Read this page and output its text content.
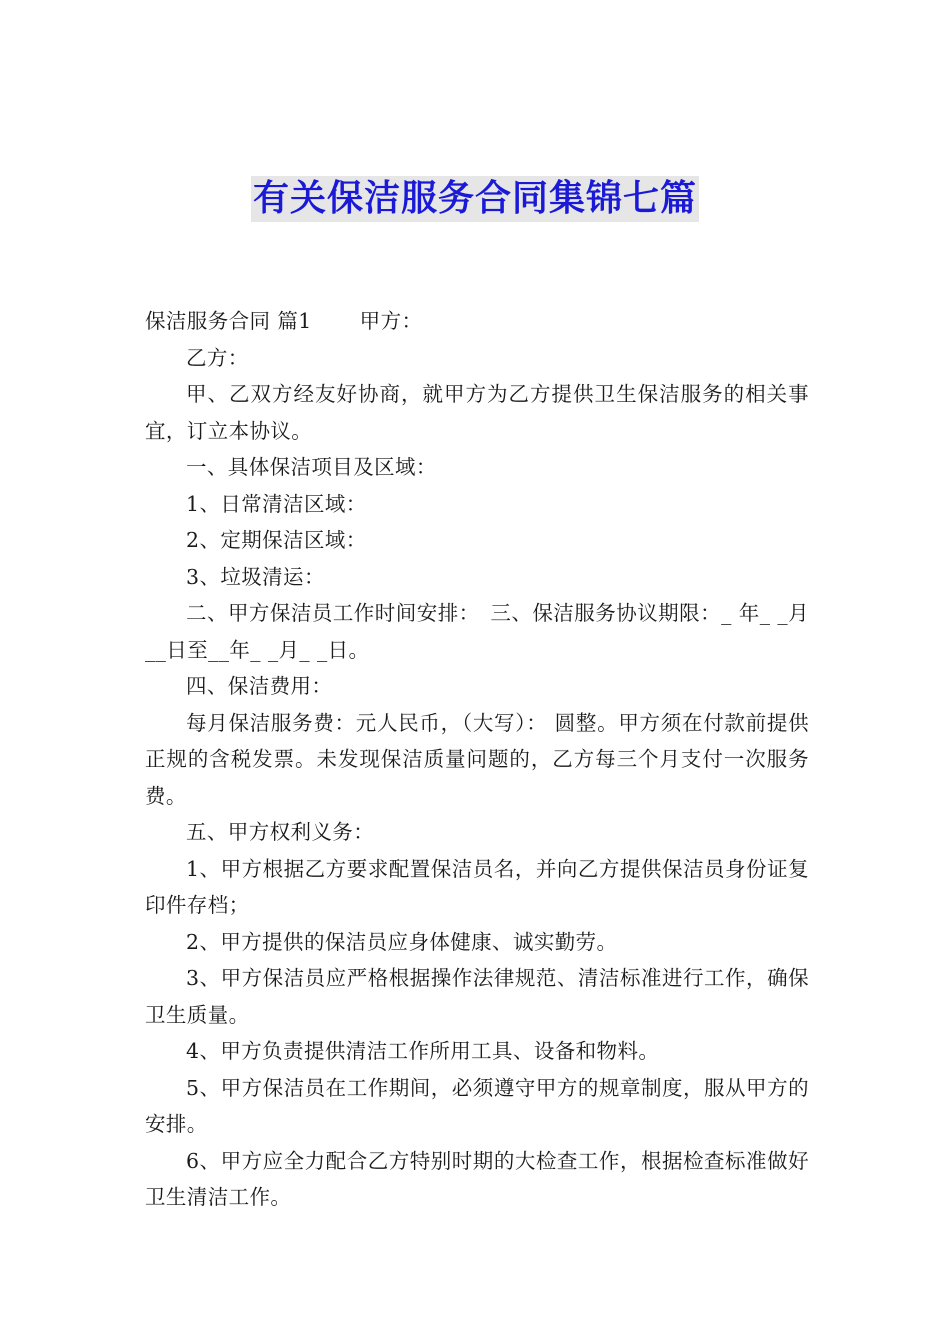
有关保洁服务合同集锦七篇

保洁服务合同 篇1 甲方：

乙方：

甲、乙双方经友好协商，就甲方为乙方提供卫生保洁服务的相关事宜，订立本协议。

一、具体保洁项目及区域：

1、日常清洁区域：

2、定期保洁区域：

3、垃圾清运：

二、甲方保洁员工作时间安排：　三、保洁服务协议期限：_ 年_ _月__日至__年_ _月_ _日。

四、保洁费用：

每月保洁服务费：元人民币，（大写）： 圆整。甲方须在付款前提供正规的含税发票。未发现保洁质量问题的，乙方每三个月支付一次服务费。

五、甲方权利义务：

1、甲方根据乙方要求配置保洁员名，并向乙方提供保洁员身份证复印件存档；

2、甲方提供的保洁员应身体健康、诚实勤劳。

3、甲方保洁员应严格根据操作法律规范、清洁标准进行工作，确保卫生质量。

4、甲方负责提供清洁工作所用工具、设备和物料。

5、甲方保洁员在工作期间，必须遵守甲方的规章制度，服从甲方的安排。

6、甲方应全力配合乙方特别时期的大检查工作，根据检查标准做好卫生清洁工作。
